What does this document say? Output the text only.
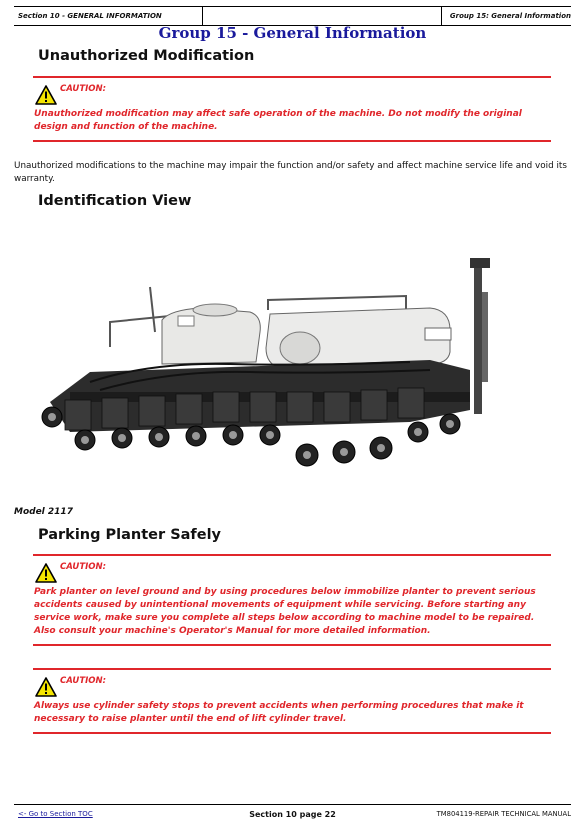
Section 10 - GENERAL INFORMATION	Group 15: General Information
Group 15 - General Information
Unauthorized Modification
CAUTION:
Unauthorized modification may affect safe operation of the machine. Do not modify the original design and function of the machine.
Unauthorized modifications to the machine may impair the function and/or safety and affect machine service life and void its warranty.
Identification View
Model 2117
Parking Planter Safely
CAUTION:
Park planter on level ground and by using procedures below immobilize planter to prevent serious accidents caused by unintentional movements of equipment while servicing. Before starting any service work, make sure you complete all steps below according to machine model to be repaired. Also consult your machine's Operator's Manual for more detailed information.
CAUTION:
Always use cylinder safety stops to prevent accidents when performing procedures that make it necessary to raise planter until the end of lift cylinder travel.
<- Go to Section TOC	Section 10 page 22	TM804119-REPAIR TECHNICAL MANUAL
